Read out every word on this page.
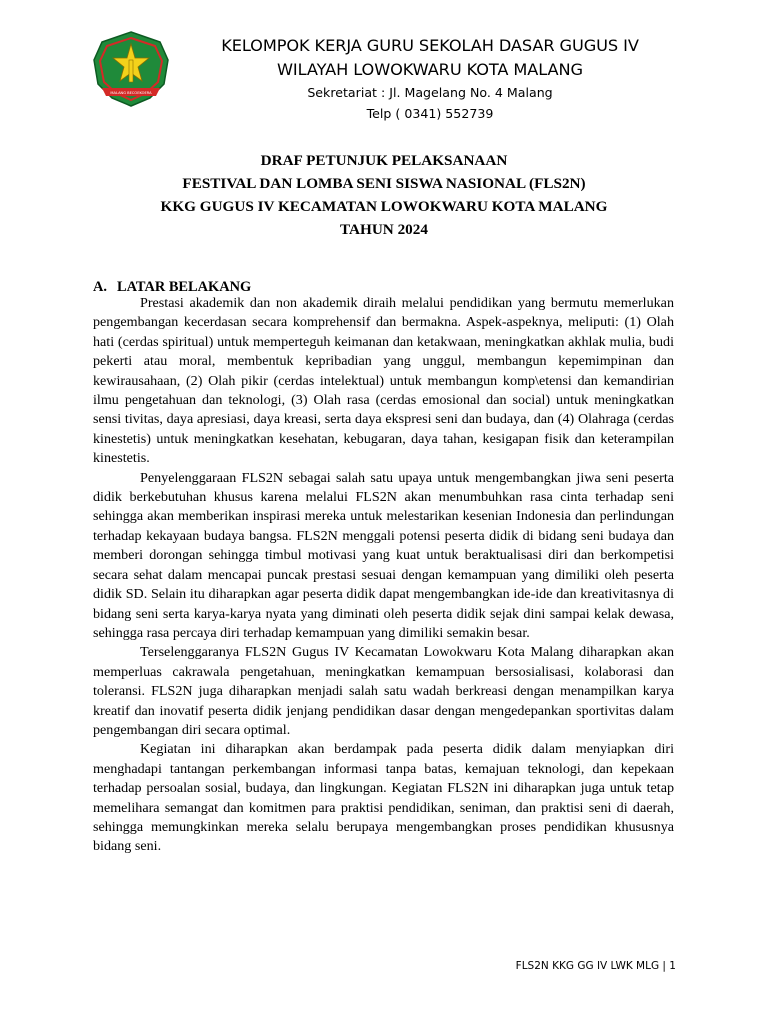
MALANG BECOEKOERA
KELOMPOK KERJA GURU SEKOLAH DASAR GUGUS IV
WILAYAH LOWOKWARU KOTA MALANG
Sekretariat : Jl. Magelang No. 4 Malang
Telp ( 0341) 552739
DRAF PETUNJUK PELAKSANAAN
FESTIVAL DAN LOMBA SENI SISWA NASIONAL (FLS2N)
KKG GUGUS IV KECAMATAN LOWOKWARU KOTA MALANG
TAHUN 2024
A. LATAR BELAKANG

Prestasi akademik dan non akademik diraih melalui pendidikan yang bermutu memerlukan pengembangan kecerdasan secara komprehensif dan bermakna. Aspek-aspeknya, meliputi: (1) Olah hati (cerdas spiritual) untuk memperteguh keimanan dan ketakwaan, meningkatkan akhlak mulia, budi pekerti atau moral, membentuk kepribadian yang unggul, membangun kepemimpinan dan kewirausahaan, (2) Olah pikir (cerdas intelektual) untuk membangun komp\etensi dan kemandirian ilmu pengetahuan dan teknologi, (3) Olah rasa (cerdas emosional dan social) untuk meningkatkan sensi tivitas, daya apresiasi, daya kreasi, serta daya ekspresi seni dan budaya, dan (4) Olahraga (cerdas kinestetis) untuk meningkatkan kesehatan, kebugaran, daya tahan, kesigapan fisik dan keterampilan kinestetis.

Penyelenggaraan FLS2N sebagai salah satu upaya untuk mengembangkan jiwa seni peserta didik berkebutuhan khusus karena melalui FLS2N akan menumbuhkan rasa cinta terhadap seni sehingga akan memberikan inspirasi mereka untuk melestarikan kesenian Indonesia dan perlindungan terhadap kekayaan budaya bangsa. FLS2N menggali potensi peserta didik di bidang seni budaya dan memberi dorongan sehingga timbul motivasi yang kuat untuk beraktualisasi diri dan berkompetisi secara sehat dalam mencapai puncak prestasi sesuai dengan kemampuan yang dimiliki oleh peserta didik SD. Selain itu diharapkan agar peserta didik dapat mengembangkan ide-ide dan kreativitasnya di bidang seni serta karya-karya nyata yang diminati oleh peserta didik sejak dini sampai kelak dewasa, sehingga rasa percaya diri terhadap kemampuan yang dimiliki semakin besar.

Terselenggaranya FLS2N Gugus IV Kecamatan Lowokwaru Kota Malang diharapkan akan memperluas cakrawala pengetahuan, meningkatkan kemampuan bersosialisasi, kolaborasi dan toleransi. FLS2N juga diharapkan menjadi salah satu wadah berkreasi dengan menampilkan karya kreatif dan inovatif peserta didik jenjang pendidikan dasar dengan mengedepankan sportivitas dalam pengembangan diri secara optimal.

Kegiatan ini diharapkan akan berdampak pada peserta didik dalam menyiapkan diri menghadapi tantangan perkembangan informasi tanpa batas, kemajuan teknologi, dan kepekaan terhadap persoalan sosial, budaya, dan lingkungan. Kegiatan FLS2N ini diharapkan juga untuk tetap memelihara semangat dan komitmen para praktisi pendidikan, seniman, dan praktisi seni di daerah, sehingga memungkinkan mereka selalu berupaya mengembangkan proses pendidikan khususnya bidang seni.

FLS2N KKG GG IV LWK MLG | 1
